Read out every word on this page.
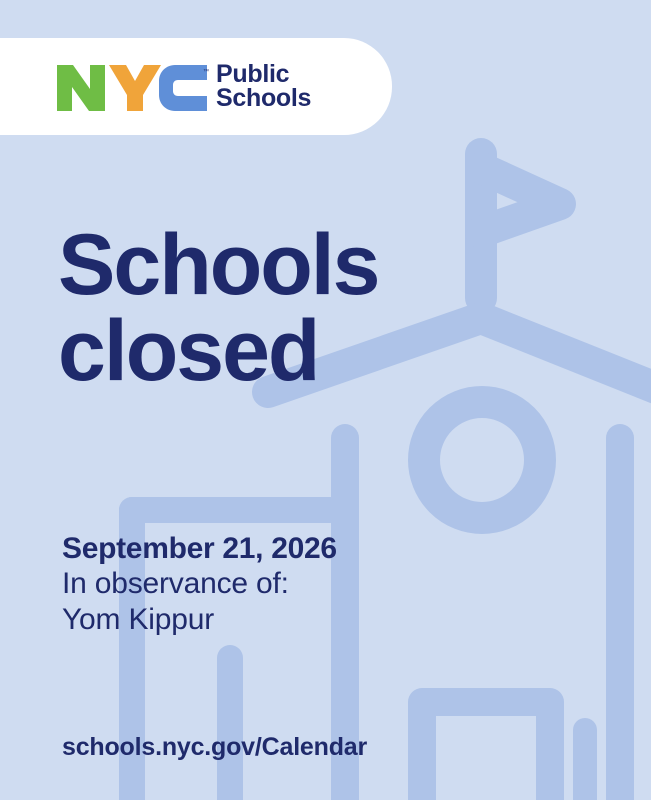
™ Public
Schools
Schools
closed

September 21, 2026

In observance of:

Yom Kippur

schools.nyc.gov/Calendar
